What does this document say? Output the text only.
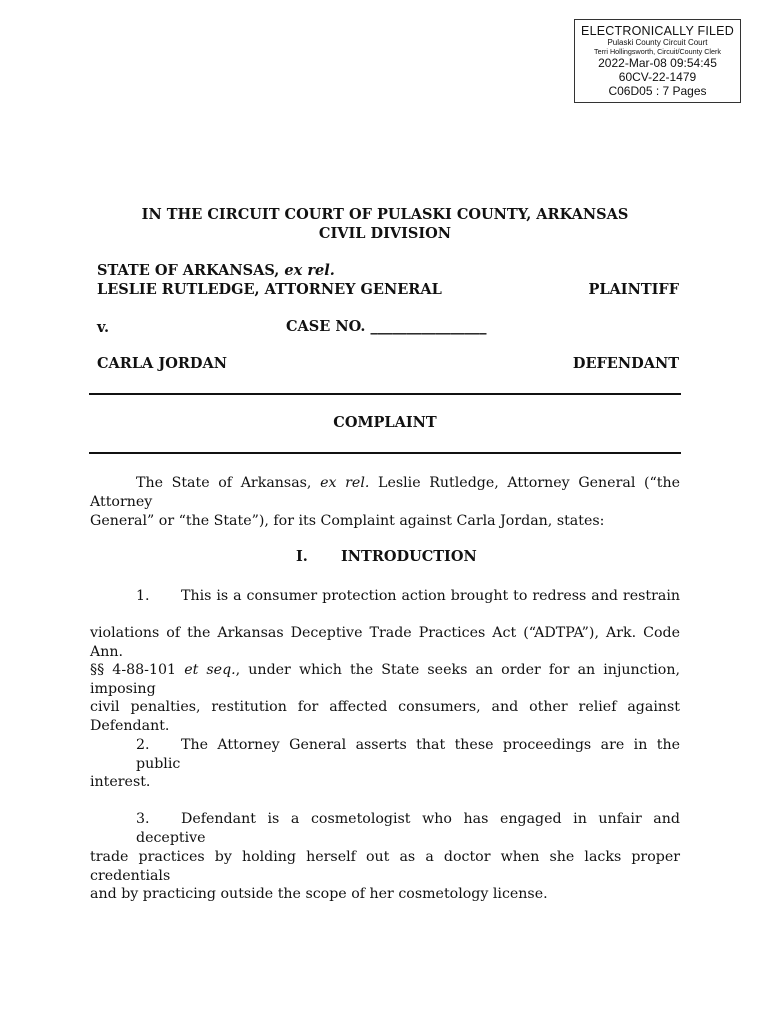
ELECTRONICALLY FILED
Pulaski County Circuit Court
Terri Hollingsworth, Circuit/County Clerk
2022-Mar-08 09:54:45
60CV-22-1479
C06D05 : 7 Pages
IN THE CIRCUIT COURT OF PULASKI COUNTY, ARKANSAS
CIVIL DIVISION
STATE OF ARKANSAS, ex rel.
LESLIE RUTLEDGE, ATTORNEY GENERAL	PLAINTIFF
v.	CASE NO. ________________
CARLA JORDAN	DEFENDANT
COMPLAINT
The State of Arkansas, ex rel. Leslie Rutledge, Attorney General (“the Attorney
General” or “the State”), for its Complaint against Carla Jordan, states:
I. INTRODUCTION
1. This is a consumer protection action brought to redress and restrain
violations of the Arkansas Deceptive Trade Practices Act (“ADTPA”), Ark. Code Ann.
§§ 4-88-101 et seq., under which the State seeks an order for an injunction, imposing
civil penalties, restitution for affected consumers, and other relief against Defendant.
2. The Attorney General asserts that these proceedings are in the public
interest.
3. Defendant is a cosmetologist who has engaged in unfair and deceptive
trade practices by holding herself out as a doctor when she lacks proper credentials
and by practicing outside the scope of her cosmetology license.
